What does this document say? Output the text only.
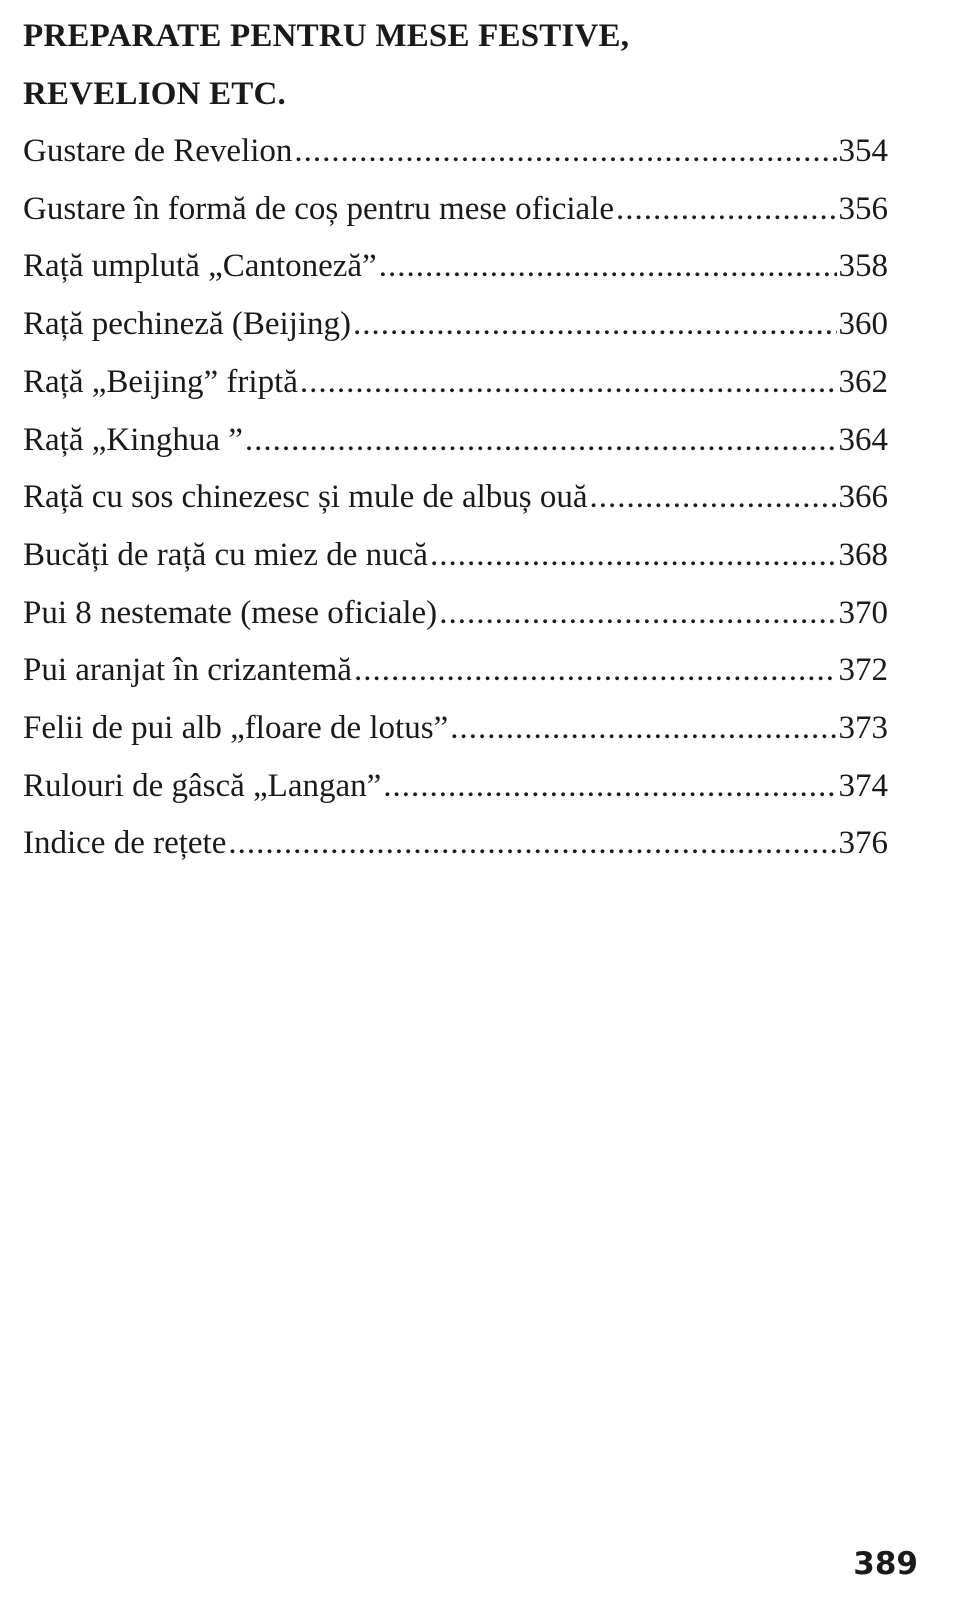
PREPARATE PENTRU MESE FESTIVE,
REVELION ETC.
Gustare de Revelion .....	354
Gustare în formă de coș pentru mese oficiale .....	356
Rață umplută „Cantoneză” .....	358
Rață pechineză (Beijing) .....	360
Rață „Beijing” friptă .....	362
Rață „Kinghua ” .....	364
Rață cu sos chinezesc și mule de albuș ouă .....	366
Bucăți de rață cu miez de nucă .....	368
Pui 8 nestemate (mese oficiale) .....	370
Pui aranjat în crizantemă .....	372
Felii de pui alb „floare de lotus” .....	373
Rulouri de gâscă „Langan” .....	374
Indice de rețete .....	376
389
